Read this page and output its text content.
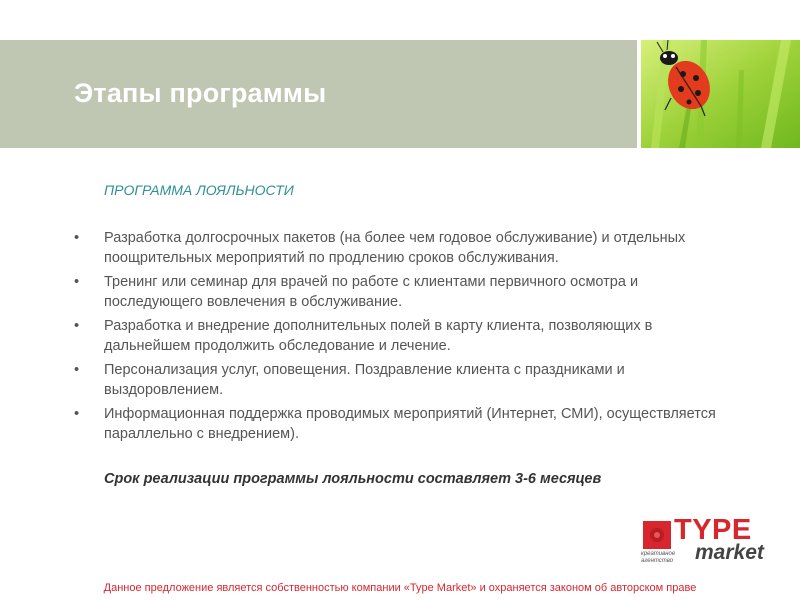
Этапы программы
ПРОГРАММА ЛОЯЛЬНОСТИ
• Разработка долгосрочных пакетов (на более чем годовое обслуживание) и отдельных поощрительных мероприятий по продлению сроков обслуживания.
• Тренинг или семинар для врачей по работе с клиентами первичного осмотра и последующего вовлечения в обслуживание.
• Разработка и внедрение дополнительных полей в карту клиента, позволяющих в дальнейшем продолжить обследование и лечение.
• Персонализация услуг, оповещения. Поздравление клиента с праздниками и выздоровлением.
• Информационная поддержка проводимых мероприятий (Интернет, СМИ), осуществляется параллельно с внедрением).
Срок реализации программы лояльности составляет 3-6 месяцев
TYPE
market
креативное агентство
Данное предложение является собственностью компании «Type Market» и охраняется законом об авторском праве
